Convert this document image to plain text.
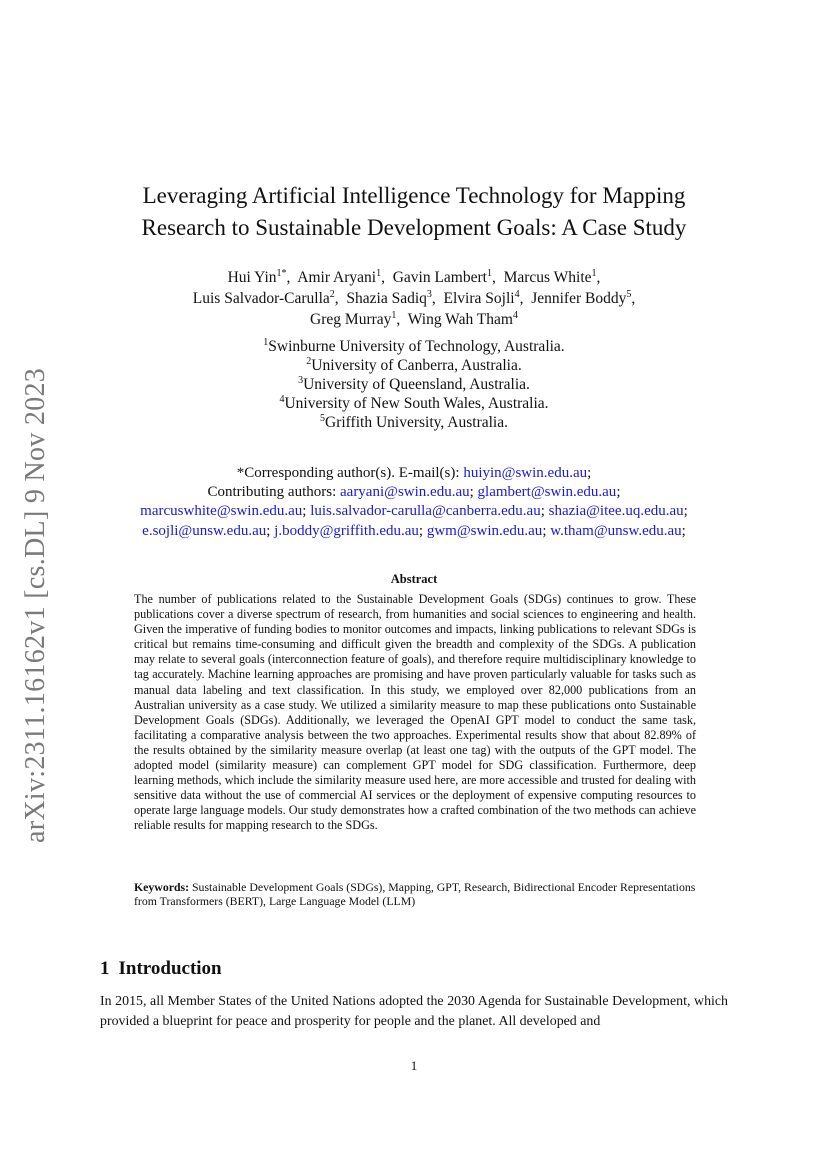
arXiv:2311.16162v1 [cs.DL] 9 Nov 2023
Leveraging Artificial Intelligence Technology for Mapping
Research to Sustainable Development Goals: A Case Study
Hui Yin$^{1*}$,  Amir Aryani$^1$,  Gavin Lambert$^1$,  Marcus White$^1$,
Luis Salvador-Carulla$^2$,  Shazia Sadiq$^3$,  Elvira Sojli$^4$,  Jennifer Boddy$^5$,
Greg Murray$^1$,  Wing Wah Tham$^4$
$^1$Swinburne University of Technology, Australia.
$^2$University of Canberra, Australia.
$^3$University of Queensland, Australia.
$^4$University of New South Wales, Australia.
$^5$Griffith University, Australia.
*Corresponding author(s). E-mail(s): huiyin@swin.edu.au;
Contributing authors: aaryani@swin.edu.au; glambert@swin.edu.au;
marcuswhite@swin.edu.au; luis.salvador-carulla@canberra.edu.au; shazia@itee.uq.edu.au;
e.sojli@unsw.edu.au; j.boddy@griffith.edu.au; gwm@swin.edu.au; w.tham@unsw.edu.au;
Abstract

The number of publications related to the Sustainable Development Goals (SDGs) continues to grow. These publications cover a diverse spectrum of research, from humanities and social sciences to engineering and health. Given the imperative of funding bodies to monitor outcomes and impacts, linking publications to relevant SDGs is critical but remains time-consuming and difficult given the breadth and complexity of the SDGs. A publication may relate to several goals (interconnection feature of goals), and therefore require multidisciplinary knowledge to tag accurately. Machine learning approaches are promising and have proven particularly valuable for tasks such as manual data labeling and text classification. In this study, we employed over 82,000 publications from an Australian university as a case study. We utilized a similarity measure to map these publications onto Sustainable Development Goals (SDGs). Additionally, we leveraged the OpenAI GPT model to conduct the same task, facilitating a comparative analysis between the two approaches. Experimental results show that about 82.89% of the results obtained by the similarity measure overlap (at least one tag) with the outputs of the GPT model. The adopted model (similarity measure) can complement GPT model for SDG classification. Furthermore, deep learning methods, which include the similarity measure used here, are more accessible and trusted for dealing with sensitive data without the use of commercial AI services or the deployment of expensive computing resources to operate large language models. Our study demonstrates how a crafted combination of the two methods can achieve reliable results for mapping research to the SDGs.

Keywords: Sustainable Development Goals (SDGs), Mapping, GPT, Research, Bidirectional Encoder Representations from Transformers (BERT), Large Language Model (LLM)

1 Introduction

In 2015, all Member States of the United Nations adopted the 2030 Agenda for Sustainable Development, which provided a blueprint for peace and prosperity for people and the planet. All developed and

1
